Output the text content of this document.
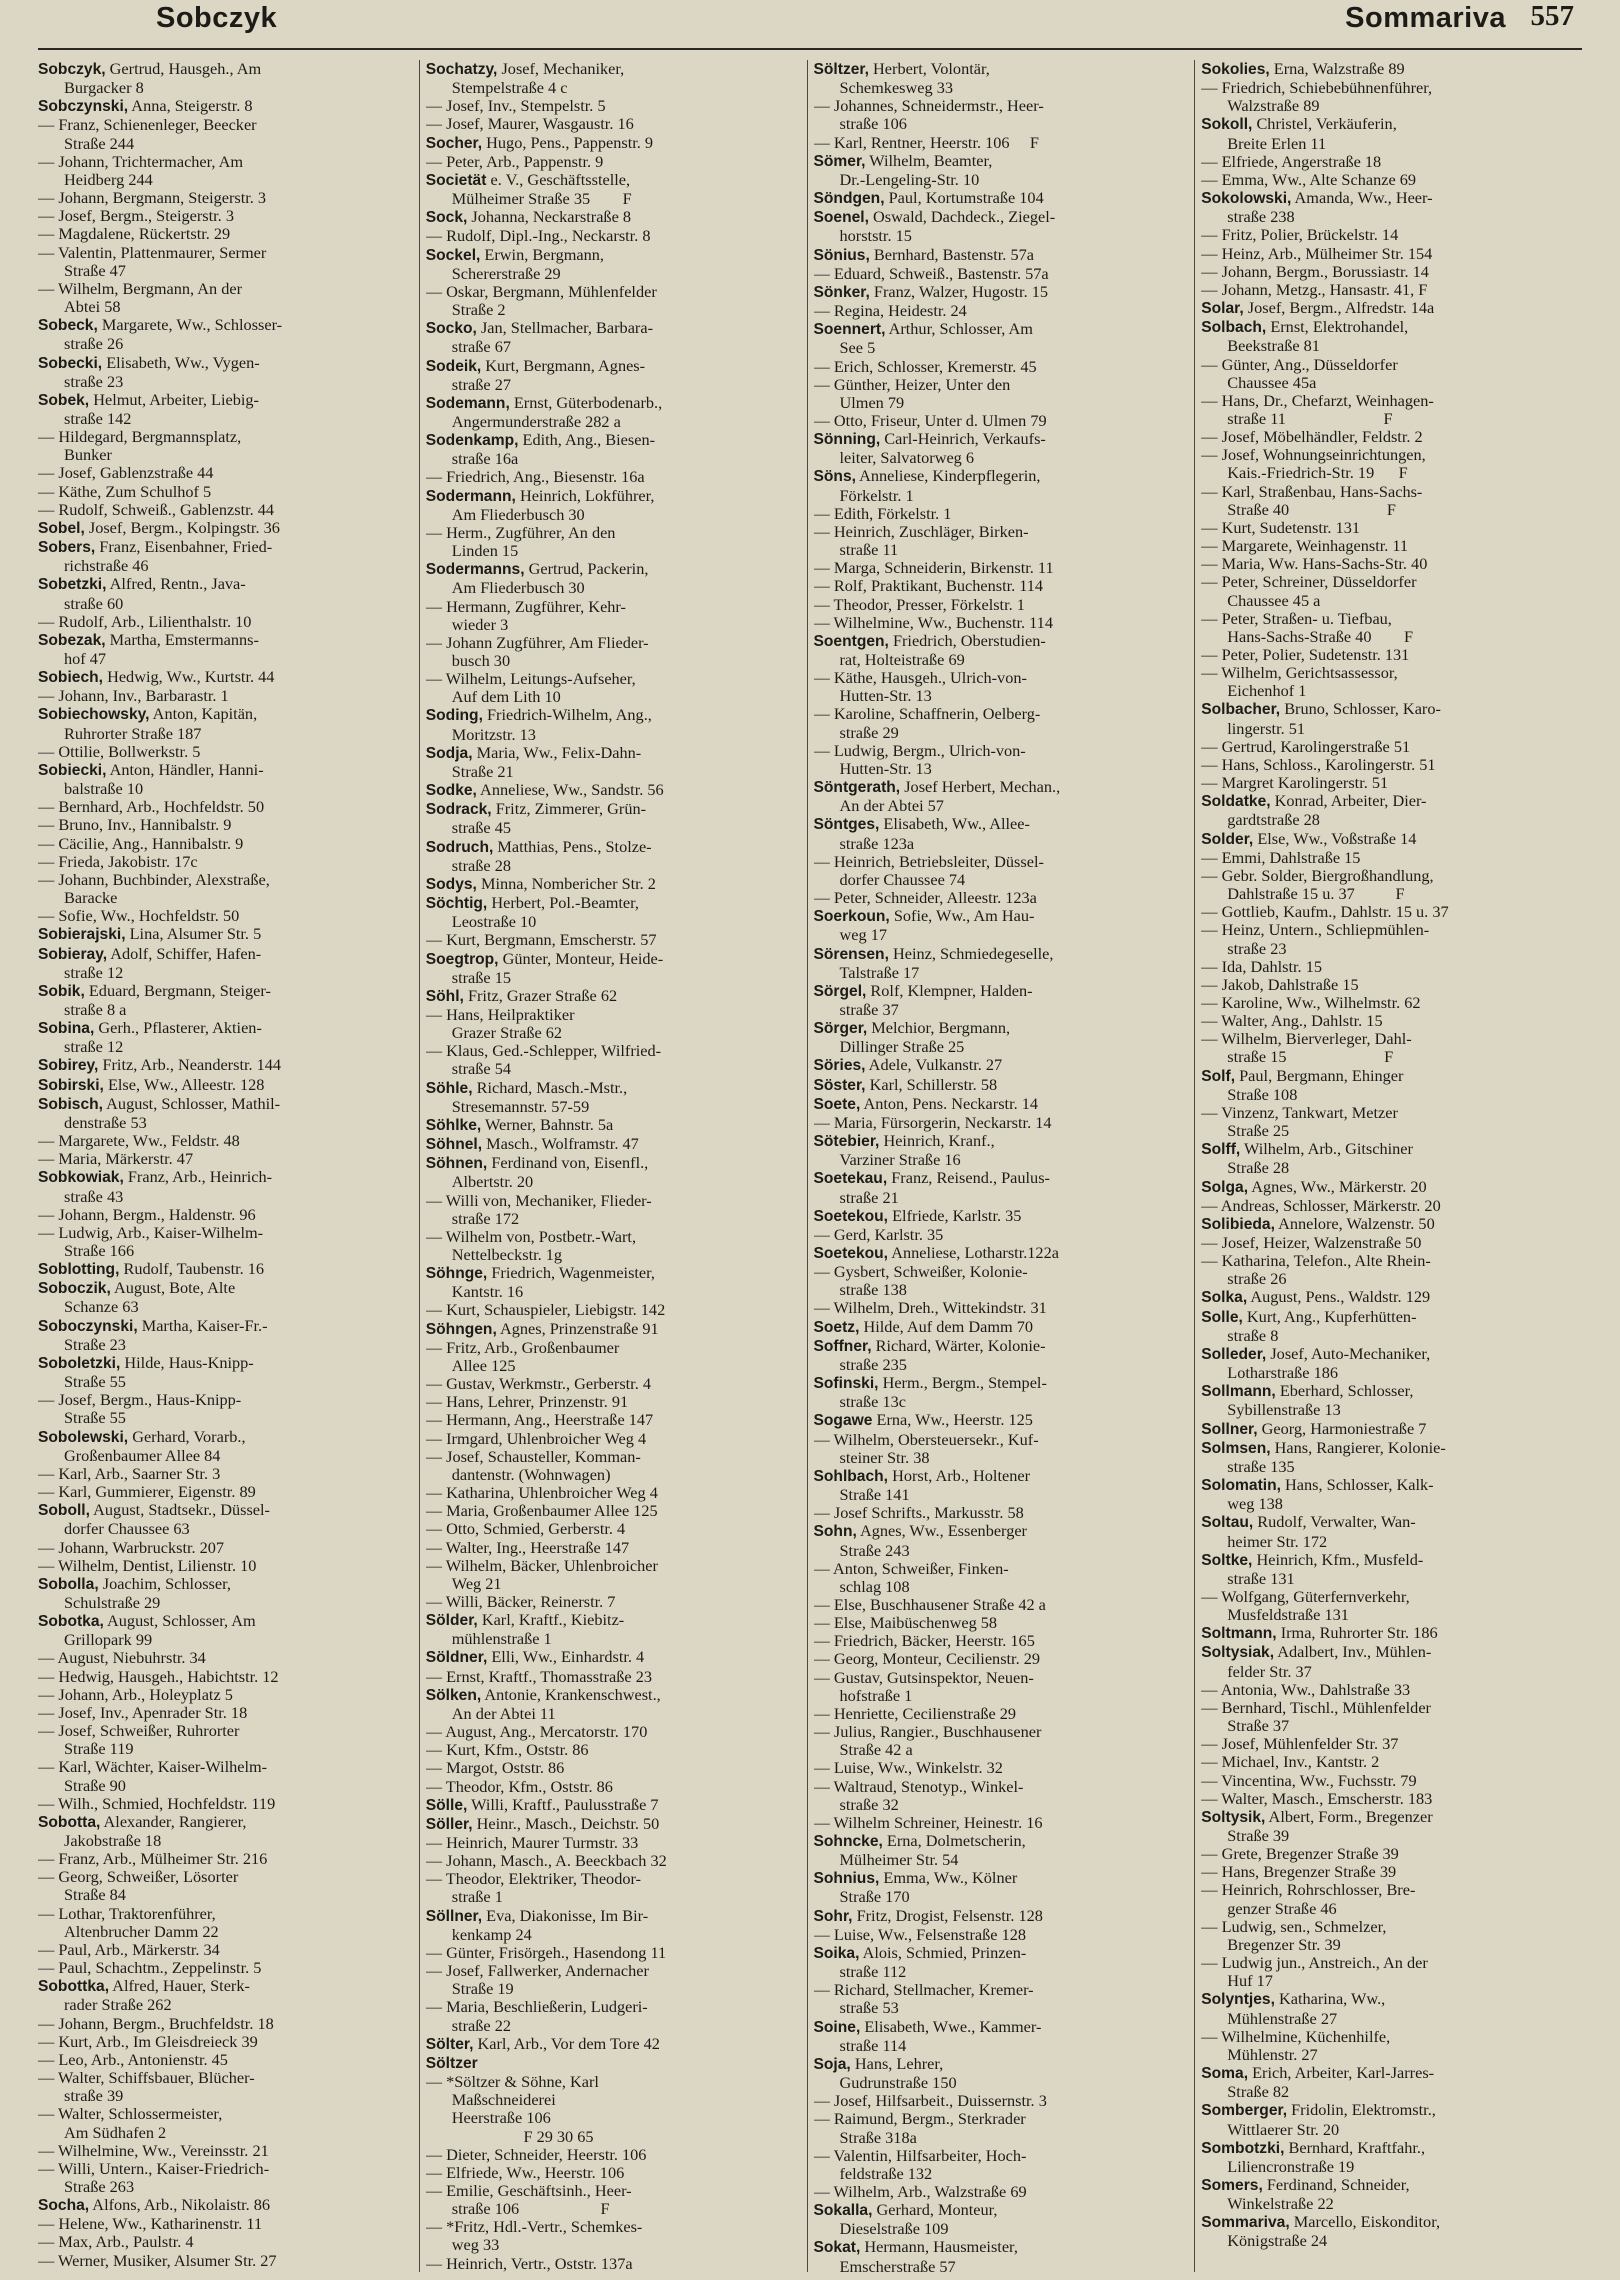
Sobczyk	Sommariva 557
Sobczyk, Gertrud, Hausgeh., Am
Burgacker 8
Sobczynski, Anna, Steigerstr. 8
— Franz, Schienenleger, Beecker
Straße 244
— Johann, Trichtermacher, Am
Heidberg 244
— Johann, Bergmann, Steigerstr. 3
— Josef, Bergm., Steigerstr. 3
— Magdalene, Rückertstr. 29
— Valentin, Plattenmaurer, Sermer
Straße 47
— Wilhelm, Bergmann, An der
Abtei 58
Sobeck, Margarete, Ww., Schlosser-
straße 26
Sobecki, Elisabeth, Ww., Vygen-
straße 23
Sobek, Helmut, Arbeiter, Liebig-
straße 142
— Hildegard, Bergmannsplatz,
Bunker
— Josef, Gablenzstraße 44
— Käthe, Zum Schulhof 5
— Rudolf, Schweiß., Gablenzstr. 44
Sobel, Josef, Bergm., Kolpingstr. 36
Sobers, Franz, Eisenbahner, Fried-
richstraße 46
Sobetzki, Alfred, Rentn., Java-
straße 60
— Rudolf, Arb., Lilienthalstr. 10
Sobezak, Martha, Emstermanns-
hof 47
Sobiech, Hedwig, Ww., Kurtstr. 44
— Johann, Inv., Barbarastr. 1
Sobiechowsky, Anton, Kapitän,
Ruhrorter Straße 187
— Ottilie, Bollwerkstr. 5
Sobiecki, Anton, Händler, Hanni-
balstraße 10
— Bernhard, Arb., Hochfeldstr. 50
— Bruno, Inv., Hannibalstr. 9
— Cäcilie, Ang., Hannibalstr. 9
— Frieda, Jakobistr. 17c
— Johann, Buchbinder, Alexstraße,
Baracke
— Sofie, Ww., Hochfeldstr. 50
Sobierajski, Lina, Alsumer Str. 5
Sobieray, Adolf, Schiffer, Hafen-
straße 12
Sobik, Eduard, Bergmann, Steiger-
straße 8 a
Sobina, Gerh., Pflasterer, Aktien-
straße 12
Sobirey, Fritz, Arb., Neanderstr. 144
Sobirski, Else, Ww., Alleestr. 128
Sobisch, August, Schlosser, Mathil-
denstraße 53
— Margarete, Ww., Feldstr. 48
— Maria, Märkerstr. 47
Sobkowiak, Franz, Arb., Heinrich-
straße 43
— Johann, Bergm., Haldenstr. 96
— Ludwig, Arb., Kaiser-Wilhelm-
Straße 166
Soblotting, Rudolf, Taubenstr. 16
Soboczik, August, Bote, Alte
Schanze 63
Soboczynski, Martha, Kaiser-Fr.-
Straße 23
Soboletzki, Hilde, Haus-Knipp-
Straße 55
— Josef, Bergm., Haus-Knipp-
Straße 55
Sobolewski, Gerhard, Vorarb.,
Großenbaumer Allee 84
— Karl, Arb., Saarner Str. 3
— Karl, Gummierer, Eigenstr. 89
Soboll, August, Stadtsekr., Düssel-
dorfer Chaussee 63
— Johann, Warbruckstr. 207
— Wilhelm, Dentist, Lilienstr. 10
Sobolla, Joachim, Schlosser,
Schulstraße 29
Sobotka, August, Schlosser, Am
Grillopark 99
— August, Niebuhrstr. 34
— Hedwig, Hausgeh., Habichtstr. 12
— Johann, Arb., Holeyplatz 5
— Josef, Inv., Apenrader Str. 18
— Josef, Schweißer, Ruhrorter
Straße 119
— Karl, Wächter, Kaiser-Wilhelm-
Straße 90
— Wilh., Schmied, Hochfeldstr. 119
Sobotta, Alexander, Rangierer,
Jakobstraße 18
— Franz, Arb., Mülheimer Str. 216
— Georg, Schweißer, Lösorter
Straße 84
— Lothar, Traktorenführer,
Altenbrucher Damm 22
— Paul, Arb., Märkerstr. 34
— Paul, Schachtm., Zeppelinstr. 5
Sobottka, Alfred, Hauer, Sterk-
rader Straße 262
— Johann, Bergm., Bruchfeldstr. 18
— Kurt, Arb., Im Gleisdreieck 39
— Leo, Arb., Antonienstr. 45
— Walter, Schiffsbauer, Blücher-
straße 39
— Walter, Schlossermeister,
Am Südhafen 2
— Wilhelmine, Ww., Vereinsstr. 21
— Willi, Untern., Kaiser-Friedrich-
Straße 263
Socha, Alfons, Arb., Nikolaistr. 86
— Helene, Ww., Katharinenstr. 11
— Max, Arb., Paulstr. 4
— Werner, Musiker, Alsumer Str. 27
Sochatzy, Josef, Mechaniker,
Stempelstraße 4 c
— Josef, Inv., Stempelstr. 5
— Josef, Maurer, Wasgaustr. 16
Socher, Hugo, Pens., Pappenstr. 9
— Peter, Arb., Pappenstr. 9
Societät e. V., Geschäftsstelle,
Mülheimer Straße 35        F
Sock, Johanna, Neckarstraße 8
— Rudolf, Dipl.-Ing., Neckarstr. 8
Sockel, Erwin, Bergmann,
Schererstraße 29
— Oskar, Bergmann, Mühlenfelder
Straße 2
Socko, Jan, Stellmacher, Barbara-
straße 67
Sodeik, Kurt, Bergmann, Agnes-
straße 27
Sodemann, Ernst, Güterbodenarb.,
Angermunderstraße 282 a
Sodenkamp, Edith, Ang., Biesen-
straße 16a
— Friedrich, Ang., Biesenstr. 16a
Sodermann, Heinrich, Lokführer,
Am Fliederbusch 30
— Herm., Zugführer, An den
Linden 15
Sodermanns, Gertrud, Packerin,
Am Fliederbusch 30
— Hermann, Zugführer, Kehr-
wieder 3
— Johann Zugführer, Am Flieder-
busch 30
— Wilhelm, Leitungs-Aufseher,
Auf dem Lith 10
Soding, Friedrich-Wilhelm, Ang.,
Moritzstr. 13
Sodja, Maria, Ww., Felix-Dahn-
Straße 21
Sodke, Anneliese, Ww., Sandstr. 56
Sodrack, Fritz, Zimmerer, Grün-
straße 45
Sodruch, Matthias, Pens., Stolze-
straße 28
Sodys, Minna, Nombericher Str. 2
Söchtig, Herbert, Pol.-Beamter,
Leostraße 10
— Kurt, Bergmann, Emscherstr. 57
Soegtrop, Günter, Monteur, Heide-
straße 15
Söhl, Fritz, Grazer Straße 62
— Hans, Heilpraktiker
Grazer Straße 62
— Klaus, Ged.-Schlepper, Wilfried-
straße 54
Söhle, Richard, Masch.-Mstr.,
Stresemannstr. 57-59
Söhlke, Werner, Bahnstr. 5a
Söhnel, Masch., Wolframstr. 47
Söhnen, Ferdinand von, Eisenfl.,
Albertstr. 20
— Willi von, Mechaniker, Flieder-
straße 172
— Wilhelm von, Postbetr.-Wart,
Nettelbeckstr. 1g
Söhnge, Friedrich, Wagenmeister,
Kantstr. 16
— Kurt, Schauspieler, Liebigstr. 142
Söhngen, Agnes, Prinzenstraße 91
— Fritz, Arb., Großenbaumer
Allee 125
— Gustav, Werkmstr., Gerberstr. 4
— Hans, Lehrer, Prinzenstr. 91
— Hermann, Ang., Heerstraße 147
— Irmgard, Uhlenbroicher Weg 4
— Josef, Schausteller, Komman-
dantenstr. (Wohnwagen)
— Katharina, Uhlenbroicher Weg 4
— Maria, Großenbaumer Allee 125
— Otto, Schmied, Gerberstr. 4
— Walter, Ing., Heerstraße 147
— Wilhelm, Bäcker, Uhlenbroicher
Weg 21
— Willi, Bäcker, Reinerstr. 7
Sölder, Karl, Kraftf., Kiebitz-
mühlenstraße 1
Söldner, Elli, Ww., Einhardstr. 4
— Ernst, Kraftf., Thomasstraße 23
Sölken, Antonie, Krankenschwest.,
An der Abtei 11
— August, Ang., Mercatorstr. 170
— Kurt, Kfm., Oststr. 86
— Margot, Oststr. 86
— Theodor, Kfm., Oststr. 86
Sölle, Willi, Kraftf., Paulusstraße 7
Söller, Heinr., Masch., Deichstr. 50
— Heinrich, Maurer Turmstr. 33
— Johann, Masch., A. Beeckbach 32
— Theodor, Elektriker, Theodor-
straße 1
Söllner, Eva, Diakonisse, Im Bir-
kenkamp 24
— Günter, Frisörgeh., Hasendong 11
— Josef, Fallwerker, Andernacher
Straße 19
— Maria, Beschließerin, Ludgeri-
straße 22
Sölter, Karl, Arb., Vor dem Tore 42
Söltzer
— *Söltzer & Söhne, Karl
Maßschneiderei
Heerstraße 106
F 29 30 65
— Dieter, Schneider, Heerstr. 106
— Elfriede, Ww., Heerstr. 106
— Emilie, Geschäftsinh., Heer-
straße 106                    F
— *Fritz, Hdl.-Vertr., Schemkes-
weg 33
— Heinrich, Vertr., Oststr. 137a
Söltzer, Herbert, Volontär,
Schemkesweg 33
— Johannes, Schneidermstr., Heer-
straße 106
— Karl, Rentner, Heerstr. 106     F
Sömer, Wilhelm, Beamter,
Dr.-Lengeling-Str. 10
Söndgen, Paul, Kortumstraße 104
Soenel, Oswald, Dachdeck., Ziegel-
horststr. 15
Sönius, Bernhard, Bastenstr. 57a
— Eduard, Schweiß., Bastenstr. 57a
Sönker, Franz, Walzer, Hugostr. 15
— Regina, Heidestr. 24
Soennert, Arthur, Schlosser, Am
See 5
— Erich, Schlosser, Kremerstr. 45
— Günther, Heizer, Unter den
Ulmen 79
— Otto, Friseur, Unter d. Ulmen 79
Sönning, Carl-Heinrich, Verkaufs-
leiter, Salvatorweg 6
Söns, Anneliese, Kinderpflegerin,
Förkelstr. 1
— Edith, Förkelstr. 1
— Heinrich, Zuschläger, Birken-
straße 11
— Marga, Schneiderin, Birkenstr. 11
— Rolf, Praktikant, Buchenstr. 114
— Theodor, Presser, Förkelstr. 1
— Wilhelmine, Ww., Buchenstr. 114
Soentgen, Friedrich, Oberstudien-
rat, Holteistraße 69
— Käthe, Hausgeh., Ulrich-von-
Hutten-Str. 13
— Karoline, Schaffnerin, Oelberg-
straße 29
— Ludwig, Bergm., Ulrich-von-
Hutten-Str. 13
Söntgerath, Josef Herbert, Mechan.,
An der Abtei 57
Söntges, Elisabeth, Ww., Allee-
straße 123a
— Heinrich, Betriebsleiter, Düssel-
dorfer Chaussee 74
— Peter, Schneider, Alleestr. 123a
Soerkoun, Sofie, Ww., Am Hau-
weg 17
Sörensen, Heinz, Schmiedegeselle,
Talstraße 17
Sörgel, Rolf, Klempner, Halden-
straße 37
Sörger, Melchior, Bergmann,
Dillinger Straße 25
Söries, Adele, Vulkanstr. 27
Söster, Karl, Schillerstr. 58
Soete, Anton, Pens. Neckarstr. 14
— Maria, Fürsorgerin, Neckarstr. 14
Sötebier, Heinrich, Kranf.,
Varziner Straße 16
Soetekau, Franz, Reisend., Paulus-
straße 21
Soetekou, Elfriede, Karlstr. 35
— Gerd, Karlstr. 35
Soetekou, Anneliese, Lotharstr.122a
— Gysbert, Schweißer, Kolonie-
straße 138
— Wilhelm, Dreh., Wittekindstr. 31
Soetz, Hilde, Auf dem Damm 70
Soffner, Richard, Wärter, Kolonie-
straße 235
Sofinski, Herm., Bergm., Stempel-
straße 13c
Sogawe Erna, Ww., Heerstr. 125
— Wilhelm, Obersteuersekr., Kuf-
steiner Str. 38
Sohlbach, Horst, Arb., Holtener
Straße 141
— Josef Schrifts., Markusstr. 58
Sohn, Agnes, Ww., Essenberger
Straße 243
— Anton, Schweißer, Finken-
schlag 108
— Else, Buschhausener Straße 42 a
— Else, Maibüschenweg 58
— Friedrich, Bäcker, Heerstr. 165
— Georg, Monteur, Cecilienstr. 29
— Gustav, Gutsinspektor, Neuen-
hofstraße 1
— Henriette, Cecilienstraße 29
— Julius, Rangier., Buschhausener
Straße 42 a
— Luise, Ww., Winkelstr. 32
— Waltraud, Stenotyp., Winkel-
straße 32
— Wilhelm Schreiner, Heinestr. 16
Sohncke, Erna, Dolmetscherin,
Mülheimer Str. 54
Sohnius, Emma, Ww., Kölner
Straße 170
Sohr, Fritz, Drogist, Felsenstr. 128
— Luise, Ww., Felsenstraße 128
Soika, Alois, Schmied, Prinzen-
straße 112
— Richard, Stellmacher, Kremer-
straße 53
Soine, Elisabeth, Wwe., Kammer-
straße 114
Soja, Hans, Lehrer,
Gudrunstraße 150
— Josef, Hilfsarbeit., Duissernstr. 3
— Raimund, Bergm., Sterkrader
Straße 318a
— Valentin, Hilfsarbeiter, Hoch-
feldstraße 132
— Wilhelm, Arb., Walzstraße 69
Sokalla, Gerhard, Monteur,
Dieselstraße 109
Sokat, Hermann, Hausmeister,
Emscherstraße 57
Sokolies, Erna, Walzstraße 89
— Friedrich, Schiebebühnenführer,
Walzstraße 89
Sokoll, Christel, Verkäuferin,
Breite Erlen 11
— Elfriede, Angerstraße 18
— Emma, Ww., Alte Schanze 69
Sokolowski, Amanda, Ww., Heer-
straße 238
— Fritz, Polier, Brückelstr. 14
— Heinz, Arb., Mülheimer Str. 154
— Johann, Bergm., Borussiastr. 14
— Johann, Metzg., Hansastr. 41, F
Solar, Josef, Bergm., Alfredstr. 14a
Solbach, Ernst, Elektrohandel,
Beekstraße 81
— Günter, Ang., Düsseldorfer
Chaussee 45a
— Hans, Dr., Chefarzt, Weinhagen-
straße 11                        F
— Josef, Möbelhändler, Feldstr. 2
— Josef, Wohnungseinrichtungen,
Kais.-Friedrich-Str. 19      F
— Karl, Straßenbau, Hans-Sachs-
Straße 40                        F
— Kurt, Sudetenstr. 131
— Margarete, Weinhagenstr. 11
— Maria, Ww. Hans-Sachs-Str. 40
— Peter, Schreiner, Düsseldorfer
Chaussee 45 a
— Peter, Straßen- u. Tiefbau,
Hans-Sachs-Straße 40        F
— Peter, Polier, Sudetenstr. 131
— Wilhelm, Gerichtsassessor,
Eichenhof 1
Solbacher, Bruno, Schlosser, Karo-
lingerstr. 51
— Gertrud, Karolingerstraße 51
— Hans, Schloss., Karolingerstr. 51
— Margret Karolingerstr. 51
Soldatke, Konrad, Arbeiter, Dier-
gardtstraße 28
Solder, Else, Ww., Voßstraße 14
— Emmi, Dahlstraße 15
— Gebr. Solder, Biergroßhandlung,
Dahlstraße 15 u. 37          F
— Gottlieb, Kaufm., Dahlstr. 15 u. 37
— Heinz, Untern., Schliepmühlen-
straße 23
— Ida, Dahlstr. 15
— Jakob, Dahlstraße 15
— Karoline, Ww., Wilhelmstr. 62
— Walter, Ang., Dahlstr. 15
— Wilhelm, Bierverleger, Dahl-
straße 15                        F
Solf, Paul, Bergmann, Ehinger
Straße 108
— Vinzenz, Tankwart, Metzer
Straße 25
Solff, Wilhelm, Arb., Gitschiner
Straße 28
Solga, Agnes, Ww., Märkerstr. 20
— Andreas, Schlosser, Märkerstr. 20
Solibieda, Annelore, Walzenstr. 50
— Josef, Heizer, Walzenstraße 50
— Katharina, Telefon., Alte Rhein-
straße 26
Solka, August, Pens., Waldstr. 129
Solle, Kurt, Ang., Kupferhütten-
straße 8
Solleder, Josef, Auto-Mechaniker,
Lotharstraße 186
Sollmann, Eberhard, Schlosser,
Sybillenstraße 13
Sollner, Georg, Harmoniestraße 7
Solmsen, Hans, Rangierer, Kolonie-
straße 135
Solomatin, Hans, Schlosser, Kalk-
weg 138
Soltau, Rudolf, Verwalter, Wan-
heimer Str. 172
Soltke, Heinrich, Kfm., Musfeld-
straße 131
— Wolfgang, Güterfernverkehr,
Musfeldstraße 131
Soltmann, Irma, Ruhrorter Str. 186
Soltysiak, Adalbert, Inv., Mühlen-
felder Str. 37
— Antonia, Ww., Dahlstraße 33
— Bernhard, Tischl., Mühlenfelder
Straße 37
— Josef, Mühlenfelder Str. 37
— Michael, Inv., Kantstr. 2
— Vincentina, Ww., Fuchsstr. 79
— Walter, Masch., Emscherstr. 183
Soltysik, Albert, Form., Bregenzer
Straße 39
— Grete, Bregenzer Straße 39
— Hans, Bregenzer Straße 39
— Heinrich, Rohrschlosser, Bre-
genzer Straße 46
— Ludwig, sen., Schmelzer,
Bregenzer Str. 39
— Ludwig jun., Anstreich., An der
Huf 17
Solyntjes, Katharina, Ww.,
Mühlenstraße 27
— Wilhelmine, Küchenhilfe,
Mühlenstr. 27
Soma, Erich, Arbeiter, Karl-Jarres-
Straße 82
Somberger, Fridolin, Elektromstr.,
Wittlaerer Str. 20
Sombotzki, Bernhard, Kraftfahr.,
Liliencronstraße 19
Somers, Ferdinand, Schneider,
Winkelstraße 22
Sommariva, Marcello, Eiskonditor,
Königstraße 24
